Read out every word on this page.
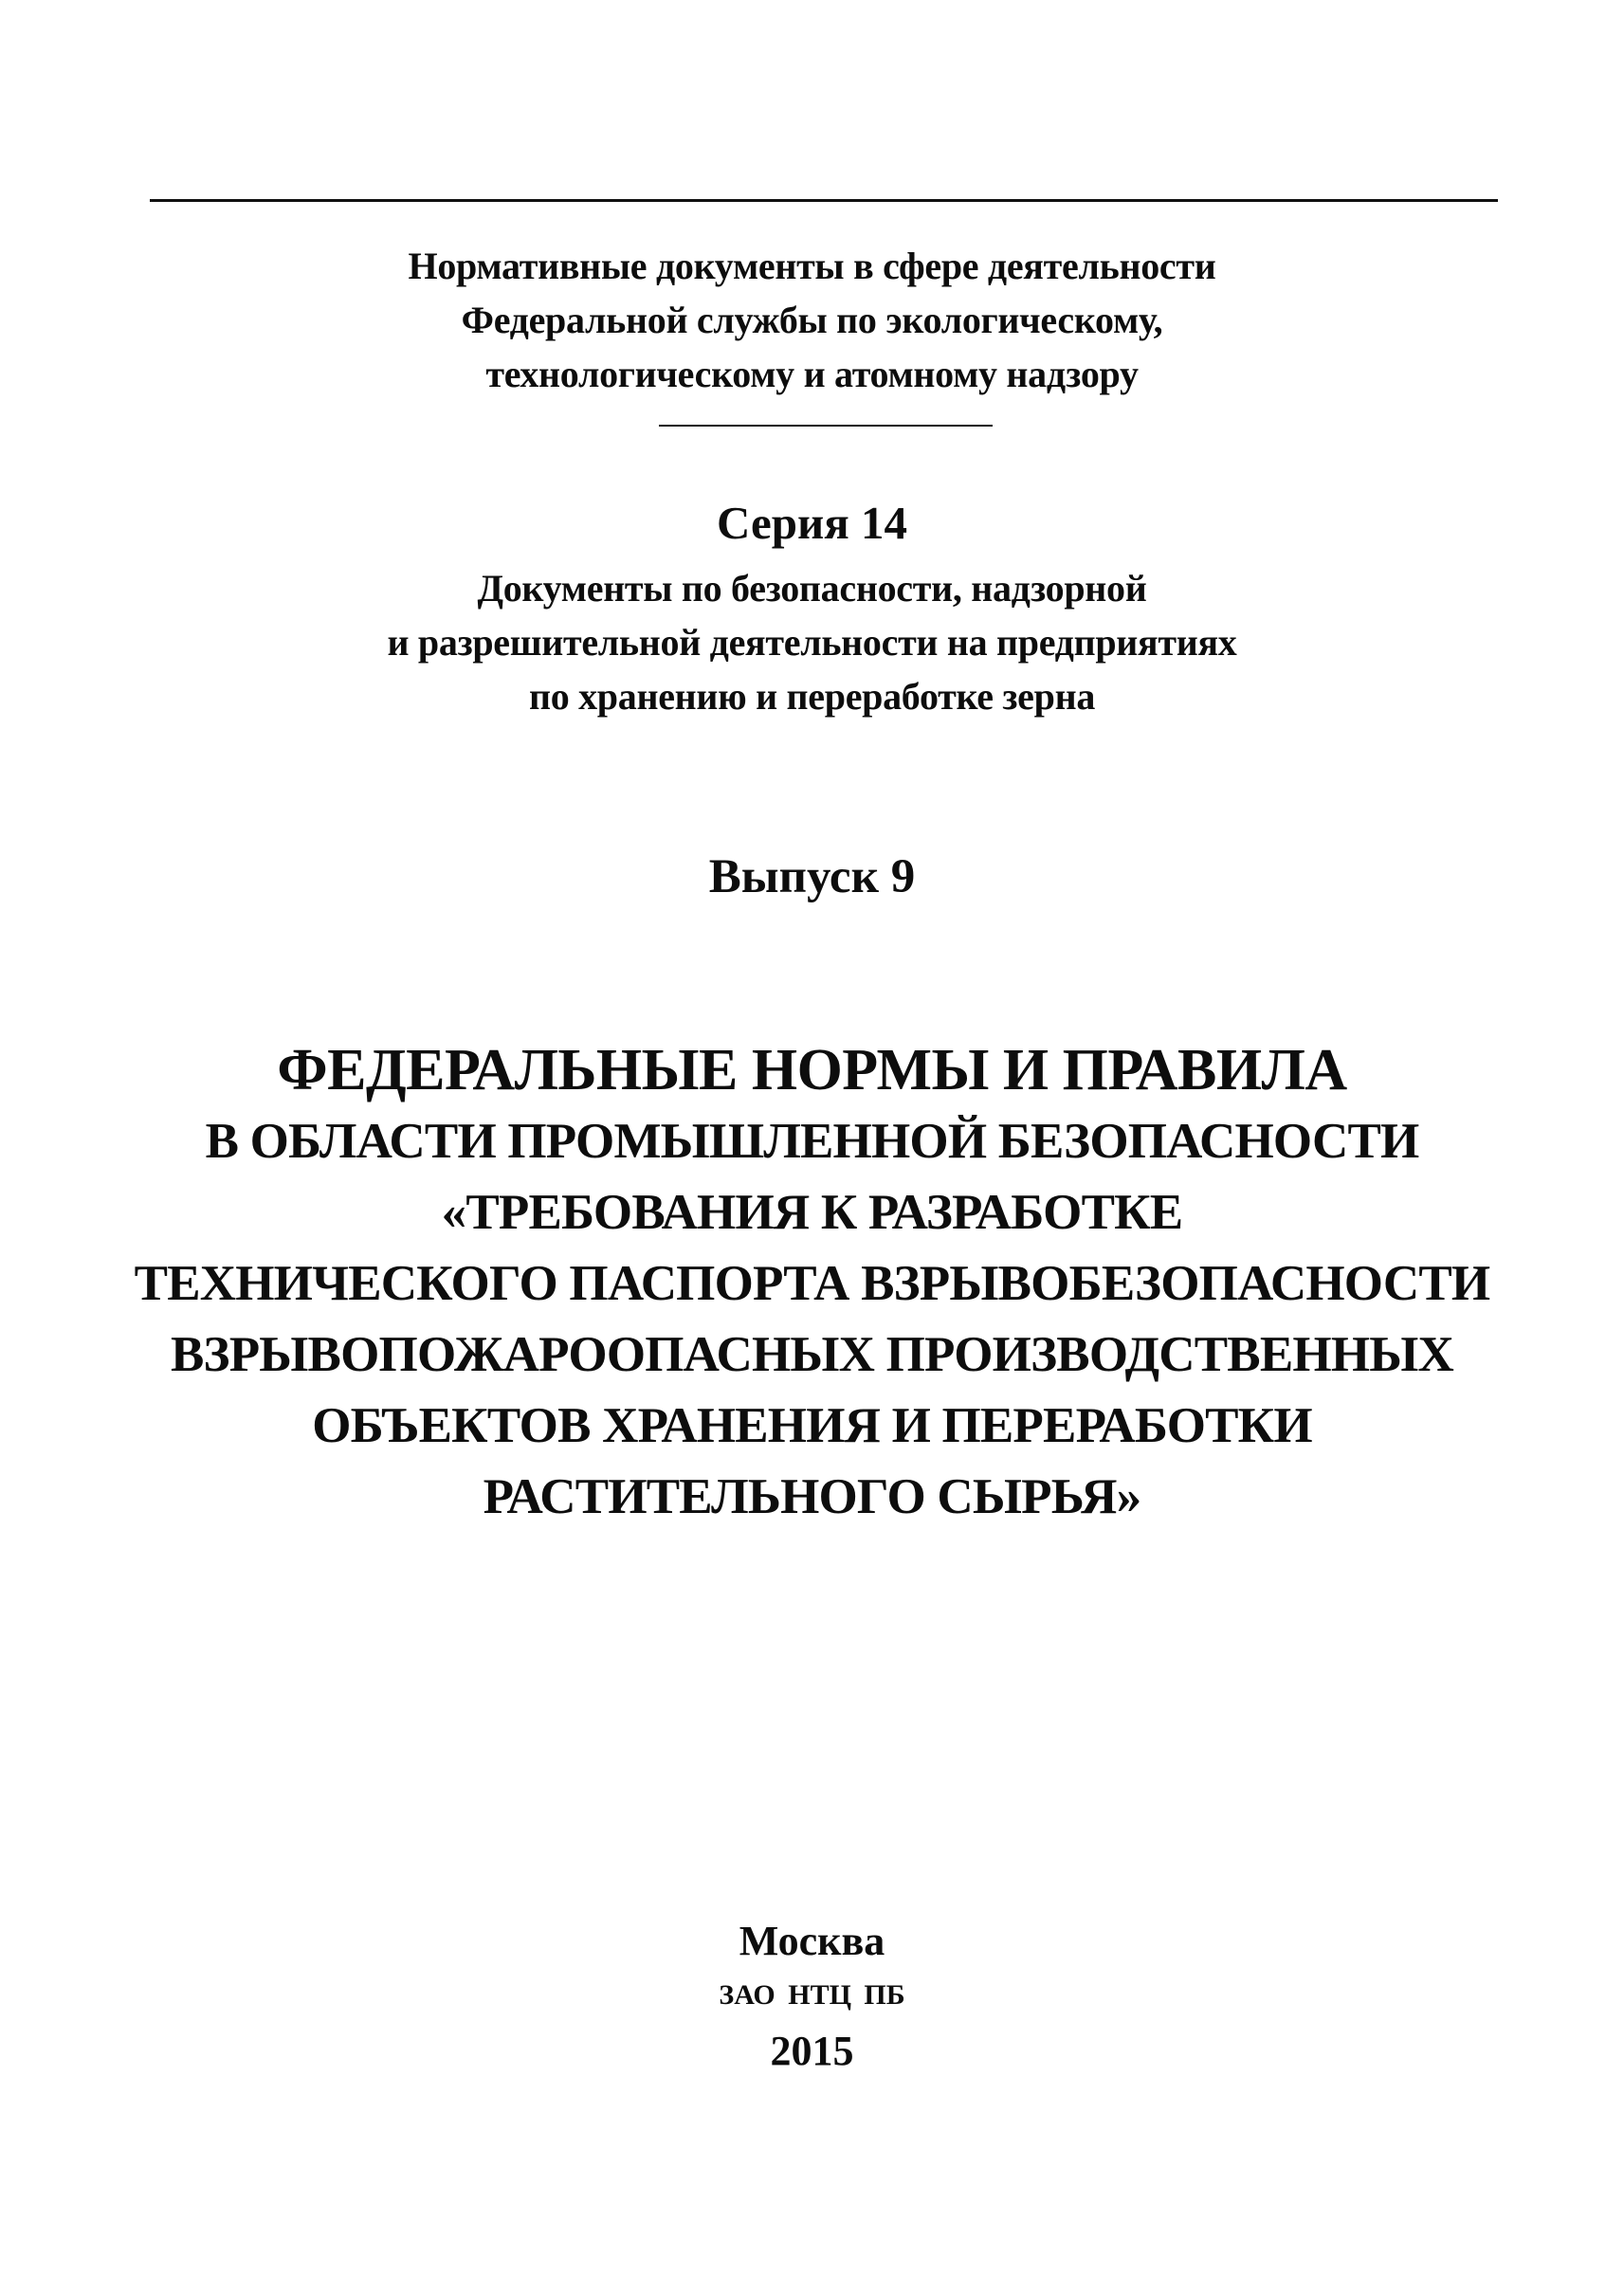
Нормативные документы в сфере деятельности
Федеральной службы по экологическому,
технологическому и атомному надзору
Серия 14
Документы по безопасности, надзорной
и разрешительной деятельности на предприятиях
по хранению и переработке зерна
Выпуск 9
ФЕДЕРАЛЬНЫЕ НОРМЫ И ПРАВИЛА
В ОБЛАСТИ ПРОМЫШЛЕННОЙ БЕЗОПАСНОСТИ
«ТРЕБОВАНИЯ К РАЗРАБОТКЕ
ТЕХНИЧЕСКОГО ПАСПОРТА ВЗРЫВОБЕЗОПАСНОСТИ
ВЗРЫВОПОЖАРООПАСНЫХ ПРОИЗВОДСТВЕННЫХ
ОБЪЕКТОВ ХРАНЕНИЯ И ПЕРЕРАБОТКИ
РАСТИТЕЛЬНОГО СЫРЬЯ»
Москва
ЗАО НТЦ ПБ
2015
